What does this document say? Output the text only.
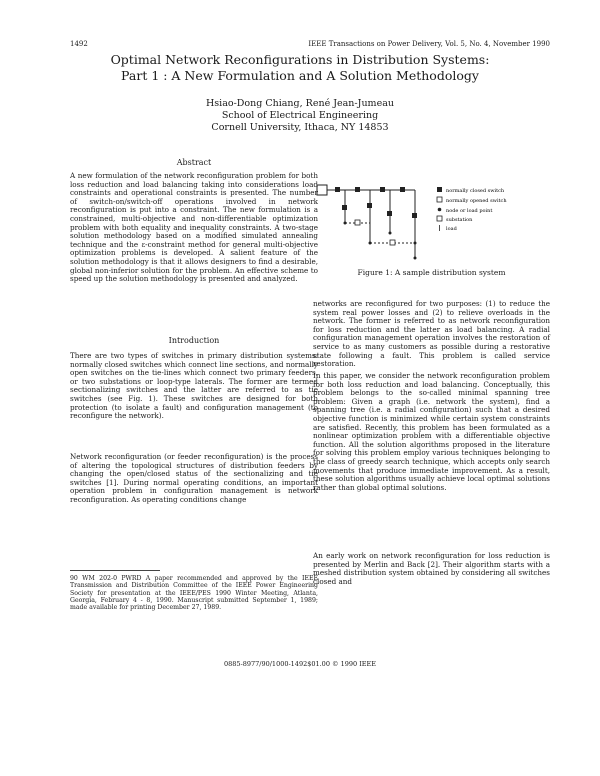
1492	IEEE Transactions on Power Delivery, Vol. 5, No. 4, November 1990
Optimal Network Reconfigurations in Distribution Systems:
Part 1 : A New Formulation and A Solution Methodology
Hsiao-Dong Chiang, René Jean-Jumeau
School of Electrical Engineering
Cornell University, Ithaca, NY 14853
Abstract
A new formulation of the network reconfiguration problem for both loss reduction and load balancing taking into considerations load constraints and operational constraints is presented. The number of switch-on/switch-off operations involved in network reconfiguration is put into a constraint. The new formulation is a constrained, multi-objective and non-differentiable optimization problem with both equality and inequality constraints. A two-stage solution methodology based on a modified simulated annealing technique and the ε-constraint method for general multi-objective optimization problems is developed. A salient feature of the solution methodology is that it allows designers to find a desirable, global non-inferior solution for the problem. An effective scheme to speed up the solution methodology is presented and analyzed.
Introduction
There are two types of switches in primary distribution systems: normally closed switches which connect line sections, and normally open switches on the tie-lines which connect two primary feeders, or two substations or loop-type laterals. The former are termed sectionalizing switches and the latter are referred to as tie switches (see Fig. 1). These switches are designed for both protection (to isolate a fault) and configuration management (to reconfigure the network).
Network reconfiguration (or feeder reconfiguration) is the process of altering the topological structures of distribution feeders by changing the open/closed status of the sectionalizing and tie switches [1]. During normal operating conditions, an important operation problem in configuration management is network reconfiguration. As operating conditions change
90 WM 202-0 PWRD A paper recommended and approved by the IEEE Transmission and Distribution Committee of the IEEE Power Engineering Society for presentation at the IEEE/PES 1990 Winter Meeting, Atlanta, Georgia, February 4 - 8, 1990. Manuscript submitted September 1, 1989; made available for printing December 27, 1989.
normally closed switch
normally opened switch
node or load point
substation
load
Figure 1: A sample distribution system
networks are reconfigured for two purposes: (1) to reduce the system real power losses and (2) to relieve overloads in the network. The former is referred to as network reconfiguration for loss reduction and the latter as load balancing. A radial configuration management operation involves the restoration of service to as many customers as possible during a restorative state following a fault. This problem is called service restoration.
In this paper, we consider the network reconfiguration problem for both loss reduction and load balancing. Conceptually, this problem belongs to the so-called minimal spanning tree problem: Given a graph (i.e. network the system), find a spanning tree (i.e. a radial configuration) such that a desired objective function is minimized while certain system constraints are satisfied. Recently, this problem has been formulated as a nonlinear optimization problem with a differentiable objective function. All the solution algorithms proposed in the literature for solving this problem employ various techniques belonging to the class of greedy search technique, which accepts only search movements that produce immediate improvement. As a result, these solution algorithms usually achieve local optimal solutions rather than global optimal solutions.
An early work on network reconfiguration for loss reduction is presented by Merlin and Back [2]. Their algorithm starts with a meshed distribution system obtained by considering all switches closed and
0885-8977/90/1000-1492$01.00 © 1990 IEEE
